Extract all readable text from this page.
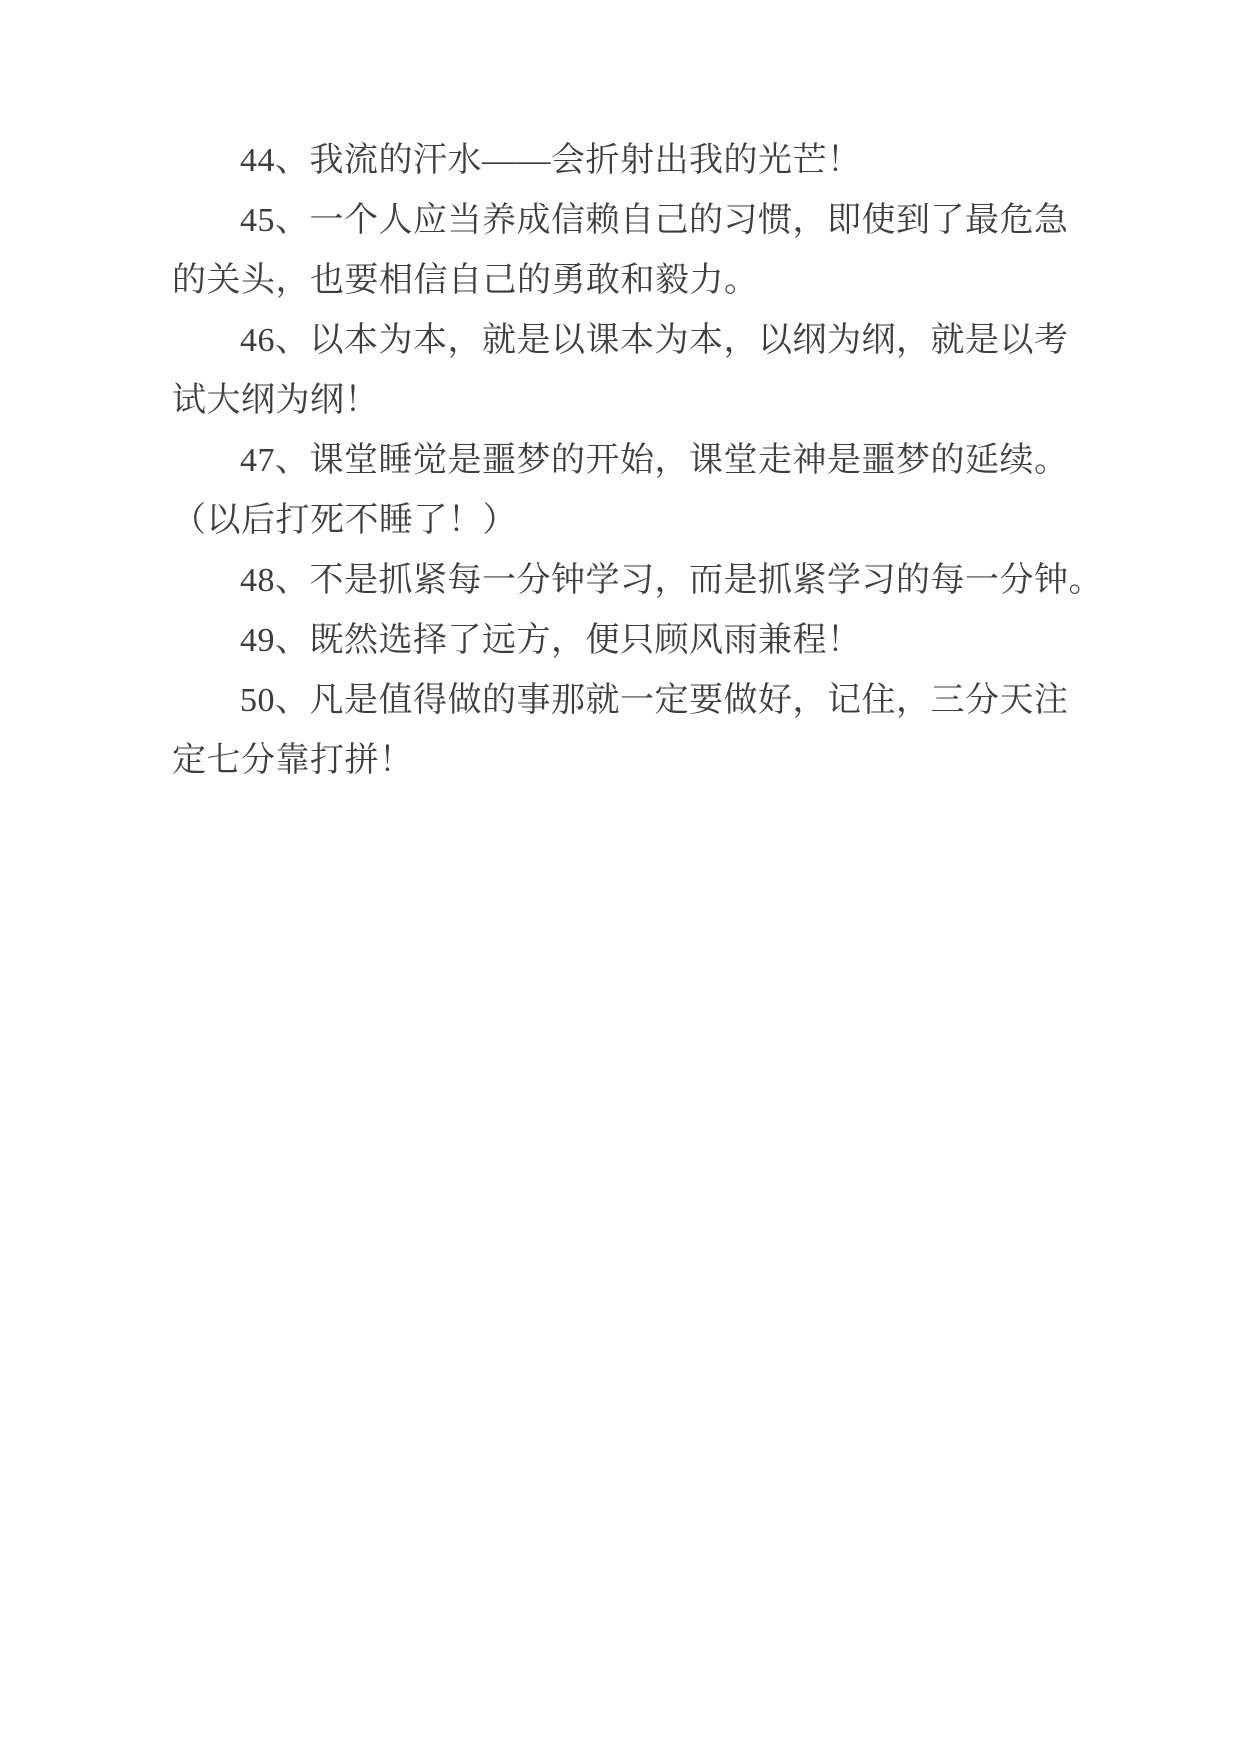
44、我流的汗水——会折射出我的光芒！
45、一个人应当养成信赖自己的习惯，即使到了最危急
的关头，也要相信自己的勇敢和毅力。
46、以本为本，就是以课本为本，以纲为纲，就是以考
试大纲为纲！
47、课堂睡觉是噩梦的开始，课堂走神是噩梦的延续。
（以后打死不睡了！）
48、不是抓紧每一分钟学习，而是抓紧学习的每一分钟。
49、既然选择了远方，便只顾风雨兼程！
50、凡是值得做的事那就一定要做好，记住，三分天注
定七分靠打拼！
